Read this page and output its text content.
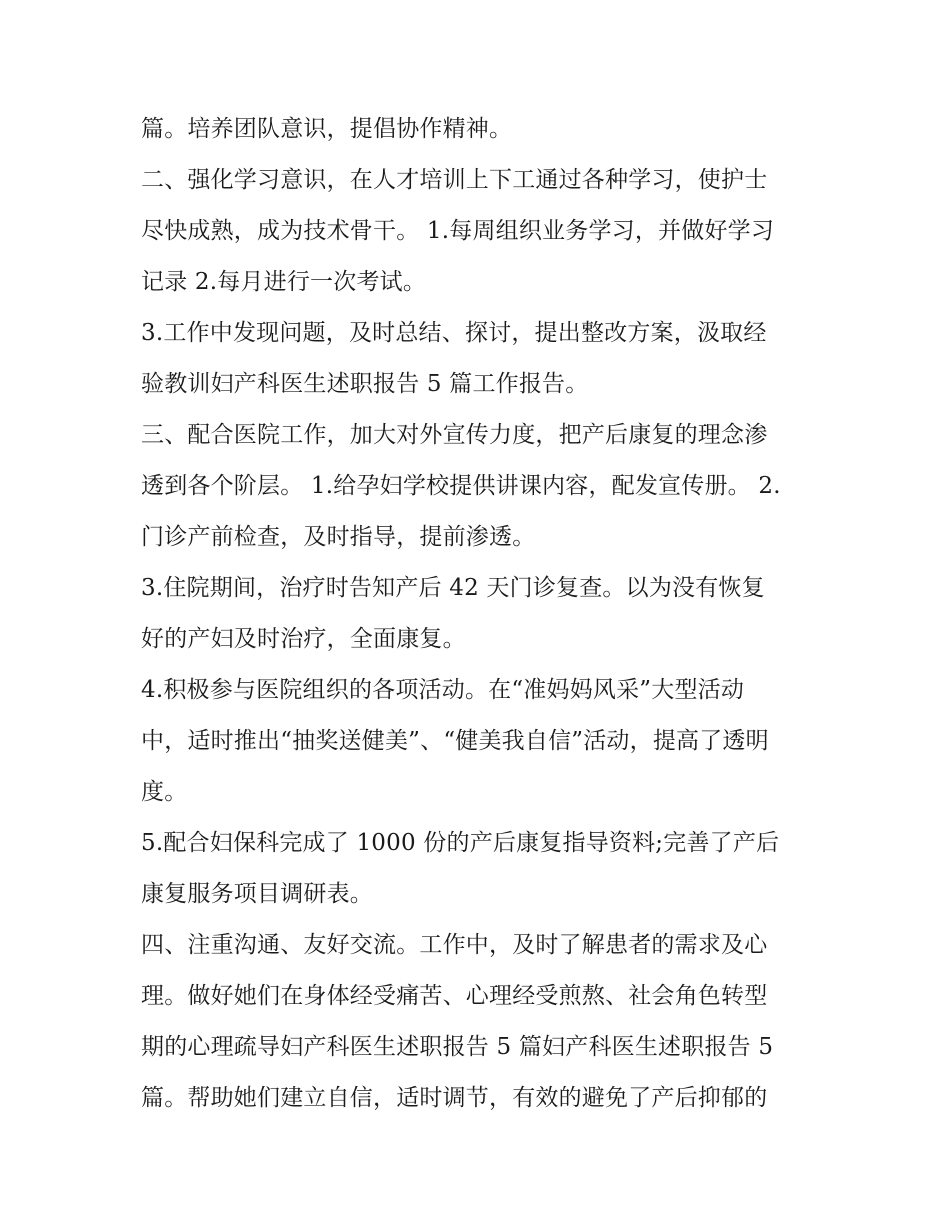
篇。培养团队意识，提倡协作精神。
二、强化学习意识，在人才培训上下工通过各种学习，使护士
尽快成熟，成为技术骨干。 1.每周组织业务学习，并做好学习
记录 2.每月进行一次考试。
3.工作中发现问题，及时总结、探讨，提出整改方案，汲取经
验教训妇产科医生述职报告 5 篇工作报告。
三、配合医院工作，加大对外宣传力度，把产后康复的理念渗
透到各个阶层。 1.给孕妇学校提供讲课内容，配发宣传册。 2.
门诊产前检查，及时指导，提前渗透。
3.住院期间，治疗时告知产后 42 天门诊复查。以为没有恢复
好的产妇及时治疗，全面康复。
4.积极参与医院组织的各项活动。在“准妈妈风采”大型活动
中，适时推出“抽奖送健美”、“健美我自信”活动，提高了透明
度。
5.配合妇保科完成了 1000 份的产后康复指导资料;完善了产后
康复服务项目调研表。
四、注重沟通、友好交流。工作中，及时了解患者的需求及心
理。做好她们在身体经受痛苦、心理经受煎熬、社会角色转型
期的心理疏导妇产科医生述职报告 5 篇妇产科医生述职报告 5
篇。帮助她们建立自信，适时调节，有效的避免了产后抑郁的
